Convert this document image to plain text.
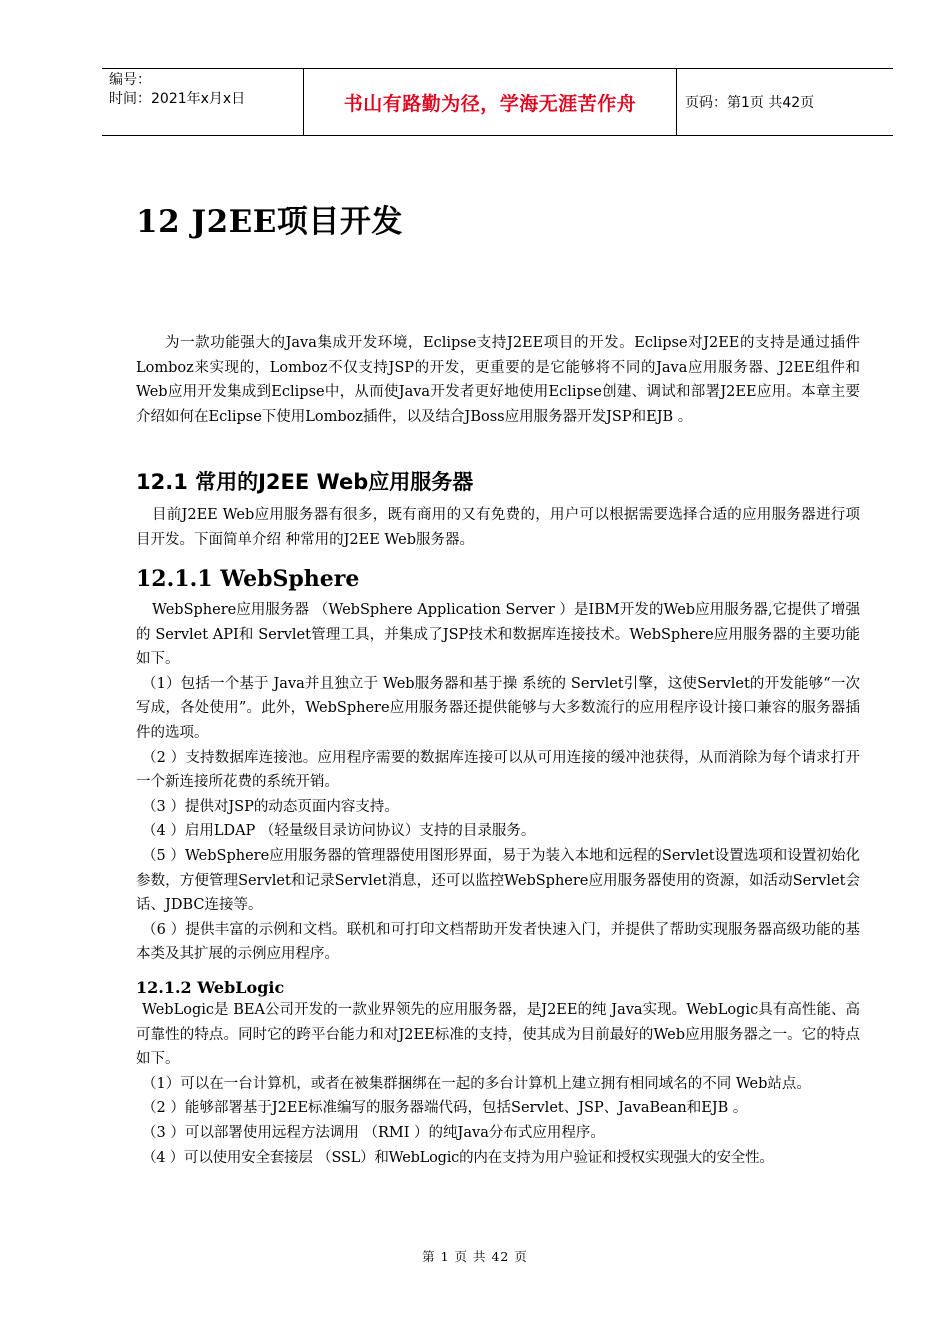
编号：
时间：2021年x月x日	书山有路勤为径，学海无涯苦作舟	页码：第1页 共42页
12 J2EE项目开发

为一款功能强大的Java集成开发环境，Eclipse支持J2EE项目的开发。Eclipse对J2EE的支持是通过插件Lomboz来实现的，Lomboz不仅支持JSP的开发，更重要的是它能够将不同的Java应用服务器、J2EE组件和Web应用开发集成到Eclipse中，从而使Java开发者更好地使用Eclipse创建、调试和部署J2EE应用。本章主要介绍如何在Eclipse下使用Lomboz插件，以及结合JBoss应用服务器开发JSP和EJB 。

12.1 常用的J2EE Web应用服务器

目前J2EE Web应用服务器有很多，既有商用的又有免费的，用户可以根据需要选择合适的应用服务器进行项目开发。下面简单介绍 种常用的J2EE Web服务器。

12.1.1 WebSphere

WebSphere应用服务器 （WebSphere Application Server ）是IBM开发的Web应用服务器,它提供了增强的 Servlet API和 Servlet管理工具，并集成了JSP技术和数据库连接技术。WebSphere应用服务器的主要功能如下。

（1）包括一个基于 Java并且独立于 Web服务器和基于操 系统的 Servlet引擎，这使Servlet的开发能够“一次写成，各处使用”。此外，WebSphere应用服务器还提供能够与大多数流行的应用程序设计接口兼容的服务器插件的选项。

（2 ）支持数据库连接池。应用程序需要的数据库连接可以从可用连接的缓冲池获得，从而消除为每个请求打开一个新连接所花费的系统开销。

（3 ）提供对JSP的动态页面内容支持。

（4 ）启用LDAP （轻量级目录访问协议）支持的目录服务。

（5 ）WebSphere应用服务器的管理器使用图形界面，易于为装入本地和远程的Servlet设置选项和设置初始化参数，方便管理Servlet和记录Servlet消息，还可以监控WebSphere应用服务器使用的资源，如活动Servlet会话、JDBC连接等。

（6 ）提供丰富的示例和文档。联机和可打印文档帮助开发者快速入门，并提供了帮助实现服务器高级功能的基本类及其扩展的示例应用程序。

12.1.2 WebLogic

WebLogic是 BEA公司开发的一款业界领先的应用服务器，是J2EE的纯 Java实现。WebLogic具有高性能、高可靠性的特点。同时它的跨平台能力和对J2EE标准的支持，使其成为目前最好的Web应用服务器之一。它的特点如下。

（1）可以在一台计算机，或者在被集群捆绑在一起的多台计算机上建立拥有相同域名的不同 Web站点。

（2 ）能够部署基于J2EE标准编写的服务器端代码，包括Servlet、JSP、JavaBean和EJB 。

（3 ）可以部署使用远程方法调用 （RMI ）的纯Java分布式应用程序。

（4 ）可以使用安全套接层 （SSL）和WebLogic的内在支持为用户验证和授权实现强大的安全性。

第 1 页 共 42 页
